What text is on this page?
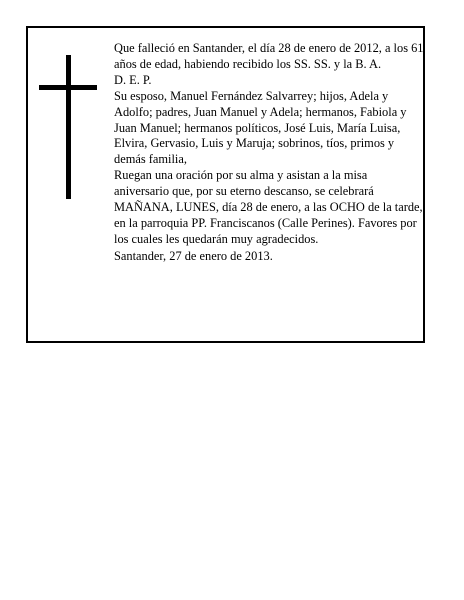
Que falleció en Santander, el día 28 de enero de 2012, a los 61 años de edad, habiendo recibido los SS. SS. y la B. A.

D. E. P.

Su esposo, Manuel Fernández Salvarrey; hijos, Adela y Adolfo; padres, Juan Manuel y Adela; hermanos, Fabiola y Juan Manuel; hermanos políticos, José Luis, María Luisa, Elvira, Gervasio, Luis y Maruja; sobrinos, tíos, primos y demás familia,

Ruegan una oración por su alma y asistan a la misa aniversario que, por su eterno descanso, se celebrará MAÑANA, LUNES, día 28 de enero, a las OCHO de la tarde, en la parroquia PP. Franciscanos (Calle Perines). Favores por los cuales les quedarán muy agradecidos.

Santander, 27 de enero de 2013.
